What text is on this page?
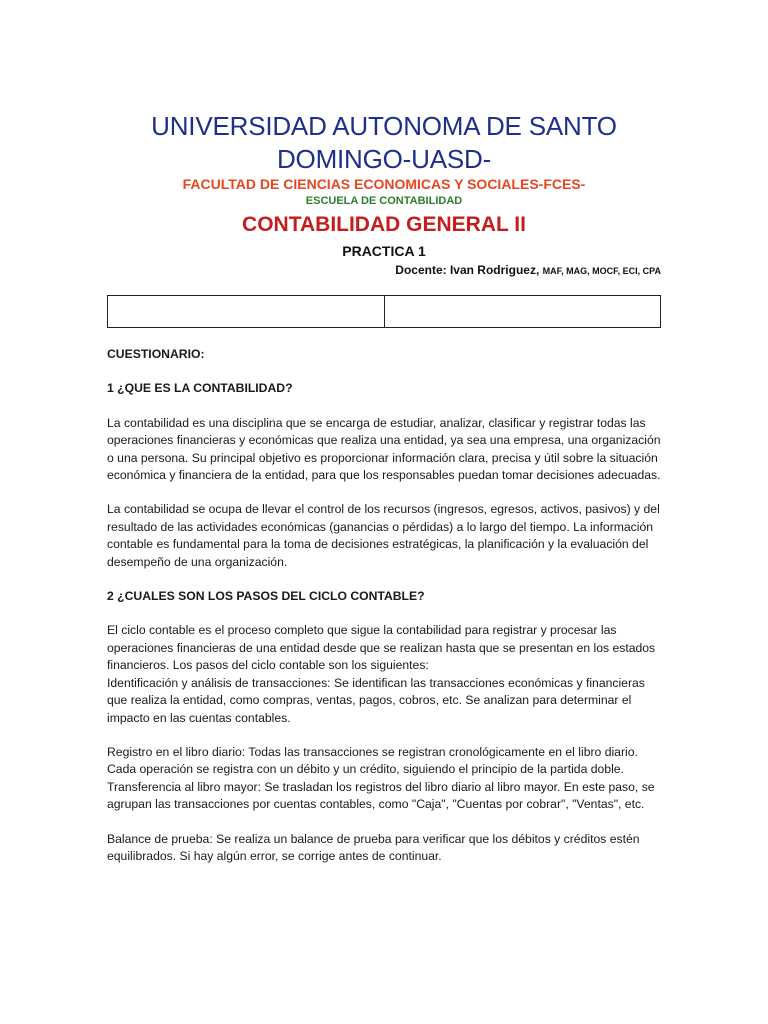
UNIVERSIDAD AUTONOMA DE SANTO DOMINGO-UASD-
FACULTAD DE CIENCIAS ECONOMICAS Y SOCIALES-FCES-
ESCUELA DE CONTABILIDAD
CONTABILIDAD GENERAL II
PRACTICA 1
Docente: Ivan Rodriguez, MAF, MAG, MOCF, ECI, CPA

CUESTIONARIO:

1 ¿QUE ES LA CONTABILIDAD?

La contabilidad es una disciplina que se encarga de estudiar, analizar, clasificar y registrar todas las operaciones financieras y económicas que realiza una entidad, ya sea una empresa, una organización o una persona. Su principal objetivo es proporcionar información clara, precisa y útil sobre la situación económica y financiera de la entidad, para que los responsables puedan tomar decisiones adecuadas.

La contabilidad se ocupa de llevar el control de los recursos (ingresos, egresos, activos, pasivos) y del resultado de las actividades económicas (ganancias o pérdidas) a lo largo del tiempo. La información contable es fundamental para la toma de decisiones estratégicas, la planificación y la evaluación del desempeño de una organización.

2 ¿CUALES SON LOS PASOS DEL CICLO CONTABLE?

El ciclo contable es el proceso completo que sigue la contabilidad para registrar y procesar las operaciones financieras de una entidad desde que se realizan hasta que se presentan en los estados financieros. Los pasos del ciclo contable son los siguientes:

Identificación y análisis de transacciones: Se identifican las transacciones económicas y financieras que realiza la entidad, como compras, ventas, pagos, cobros, etc. Se analizan para determinar el impacto en las cuentas contables.

Registro en el libro diario: Todas las transacciones se registran cronológicamente en el libro diario. Cada operación se registra con un débito y un crédito, siguiendo el principio de la partida doble.

Transferencia al libro mayor: Se trasladan los registros del libro diario al libro mayor. En este paso, se agrupan las transacciones por cuentas contables, como "Caja", "Cuentas por cobrar", "Ventas", etc.

Balance de prueba: Se realiza un balance de prueba para verificar que los débitos y créditos estén equilibrados. Si hay algún error, se corrige antes de continuar.
